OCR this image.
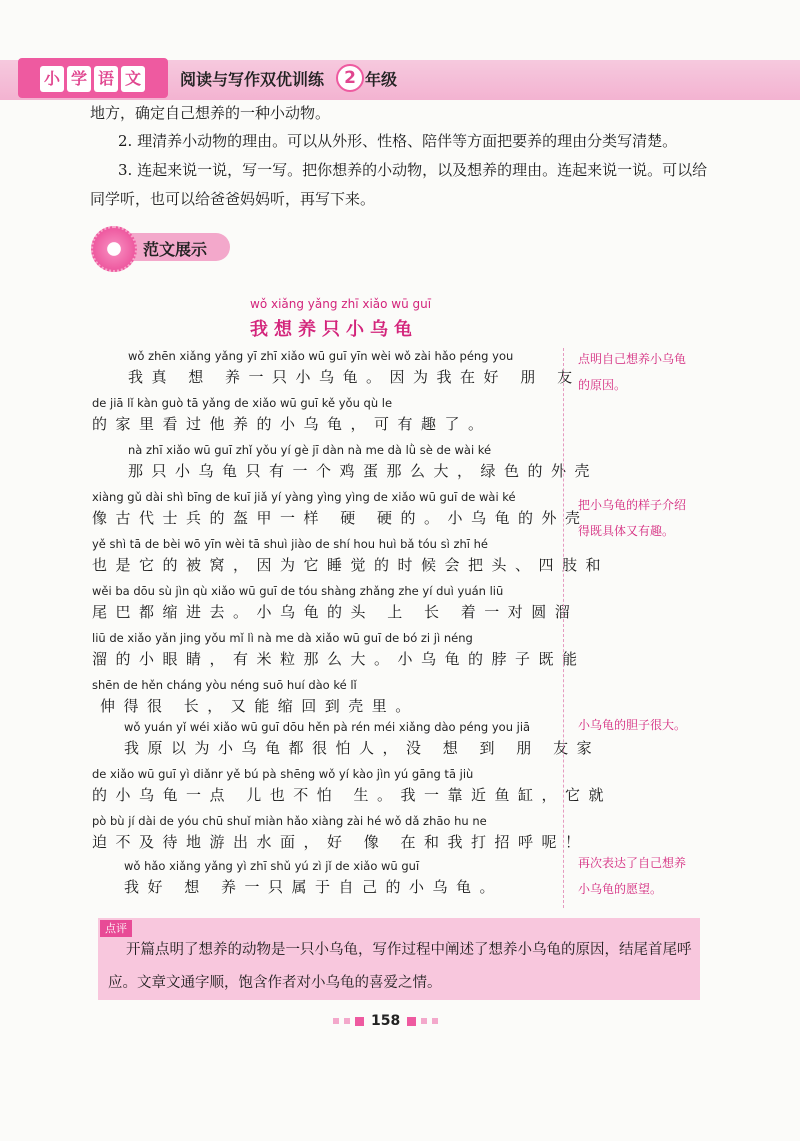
小 学 语 文 阅读与写作双优训练	2 年级
地方，确定自己想养的一种小动物。
2. 理清养小动物的理由。可以从外形、性格、陪伴等方面把要养的理由分类写清楚。
3. 连起来说一说，写一写。把你想养的小动物，以及想养的理由。连起来说一说。可以给
同学听，也可以给爸爸妈妈听，再写下来。
范文展示
wǒ xiǎng yǎng zhī xiǎo wū guī
我想养只小乌龟
wǒ zhēn xiǎng yǎng yī zhī xiǎo wū guī yīn wèi wǒ zài hǎo péng you
我真 想 养一只小乌龟。因为我在好 朋 友
de jiā lǐ kàn guò tā yǎng de xiǎo wū guī kě yǒu qù le
的家里看过他养的小乌龟，可有趣了。
nà zhī xiǎo wū guī zhǐ yǒu yí gè jī dàn nà me dà lǜ sè de wài ké
那只小乌龟只有一个鸡蛋那么大，绿色的外壳
xiàng gǔ dài shì bīng de kuī jiǎ yí yàng yìng yìng de xiǎo wū guī de wài ké
像古代士兵的盔甲一样 硬 硬的。小乌龟的外壳
yě shì tā de bèi wō yīn wèi tā shuì jiào de shí hou huì bǎ tóu sì zhī hé
也是它的被窝，因为它睡觉的时候会把头、四肢和
wěi ba dōu sù jìn qù xiǎo wū guī de tóu shàng zhǎng zhe yí duì yuán liū
尾巴都缩进去。小乌龟的头 上 长 着一对圆溜
liū de xiǎo yǎn jing yǒu mǐ lì nà me dà xiǎo wū guī de bó zi jì néng
溜的小眼睛，有米粒那么大。小乌龟的脖子既能
shēn de hěn cháng yòu néng suō huí dào ké lǐ
伸得很 长，又能缩回到壳里。
wǒ yuán yǐ wéi xiǎo wū guī dōu hěn pà rén méi xiǎng dào péng you jiā
我原以为小乌龟都很怕人，没 想 到 朋 友家
de xiǎo wū guī yì diǎnr yě bú pà shēng wǒ yí kào jìn yú gāng tā jiù
的小乌龟一点 儿也不怕 生。我一靠近鱼缸，它就
pò bù jí dài de yóu chū shuǐ miàn hǎo xiàng zài hé wǒ dǎ zhāo hu ne
迫不及待地游出水面，好 像 在和我打招呼呢！
wǒ hǎo xiǎng yǎng yì zhī shǔ yú zì jǐ de xiǎo wū guī
我好 想 养一只属于自己的小乌龟。
点明自己想养小乌龟
的原因。
把小乌龟的样子介绍
得既具体又有趣。
小乌龟的胆子很大。
再次表达了自己想养
小乌龟的愿望。
点评
开篇点明了想养的动物是一只小乌龟，写作过程中阐述了想养小乌龟的原因，结尾首尾呼应。文章文通字顺，饱含作者对小乌龟的喜爱之情。
158
